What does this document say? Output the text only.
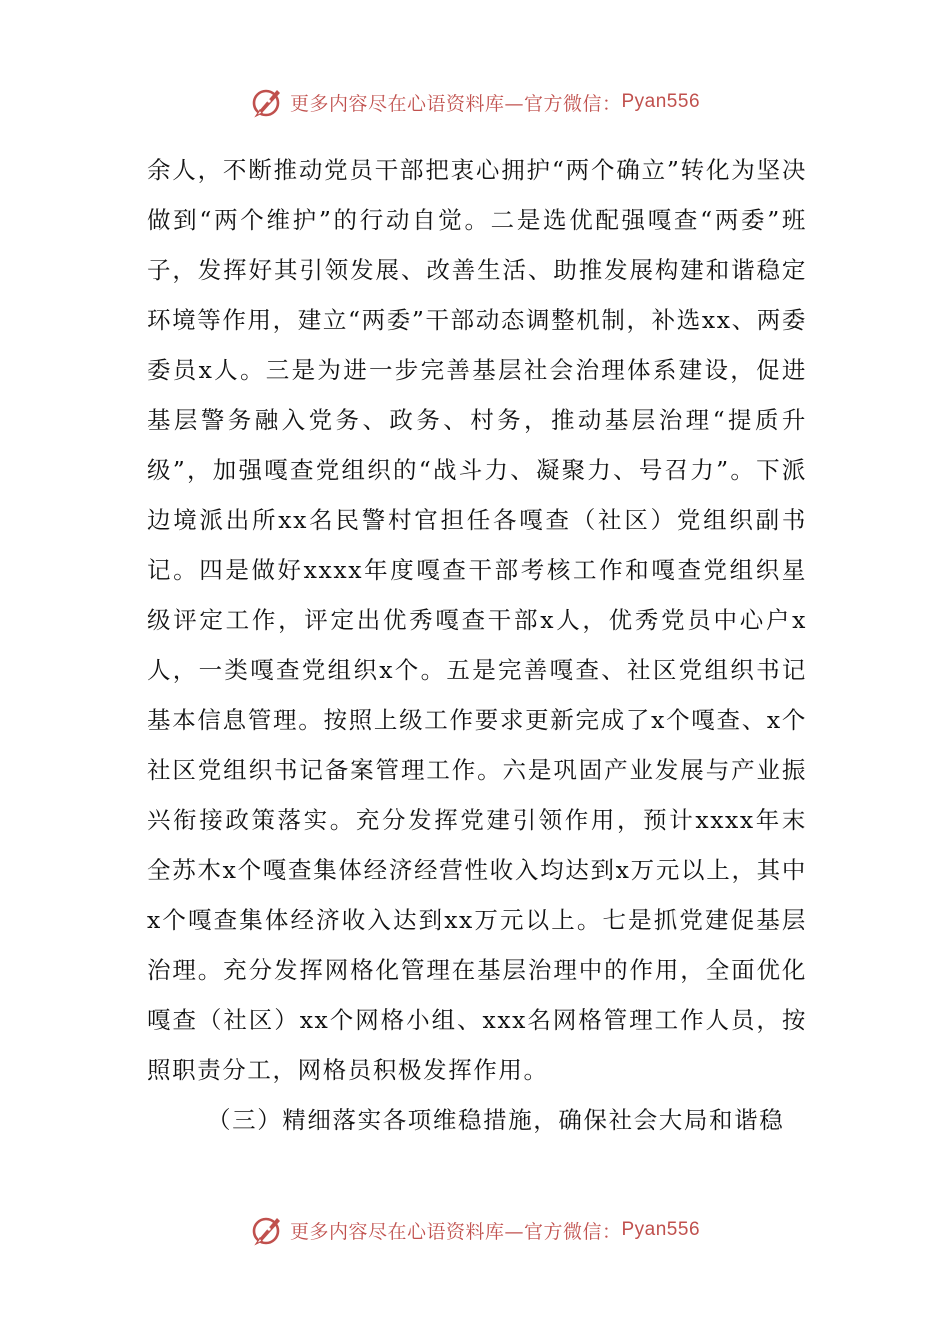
更多内容尽在心语资料库—官方微信： Pyan556

余人，不断推动党员干部把衷心拥护“两个确立”转化为坚决做到“两个维护”的行动自觉。二是选优配强嘎查“两委”班子，发挥好其引领发展、改善生活、助推发展构建和谐稳定环境等作用，建立“两委”干部动态调整机制，补选xx、两委委员x人。三是为进一步完善基层社会治理体系建设，促进基层警务融入党务、政务、村务，推动基层治理“提质升级”，加强嘎查党组织的“战斗力、凝聚力、号召力”。下派边境派出所xx名民警村官担任各嘎查（社区）党组织副书记。四是做好xxxx年度嘎查干部考核工作和嘎查党组织星级评定工作，评定出优秀嘎查干部x人，优秀党员中心户x人，一类嘎查党组织x个。五是完善嘎查、社区党组织书记基本信息管理。按照上级工作要求更新完成了x个嘎查、x个社区党组织书记备案管理工作。六是巩固产业发展与产业振兴衔接政策落实。充分发挥党建引领作用，预计xxxx年末全苏木x个嘎查集体经济经营性收入均达到x万元以上，其中x个嘎查集体经济收入达到xx万元以上。七是抓党建促基层治理。充分发挥网格化管理在基层治理中的作用，全面优化嘎查（社区）xx个网格小组、xxx名网格管理工作人员，按照职责分工，网格员积极发挥作用。

（三）精细落实各项维稳措施，确保社会大局和谐稳

更多内容尽在心语资料库—官方微信： Pyan556
